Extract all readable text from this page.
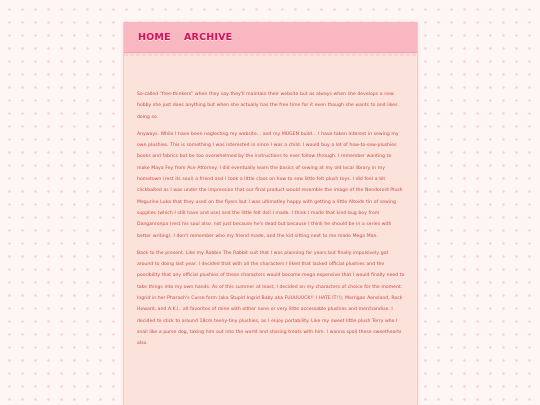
HOME ARCHIVE

So-called "free-thinkers" when they say they'll maintain their website but as always when she develops a new hobby she just does anything but when she actually has the free time for it even though she wants to and likes doing so.

Anyways. While I have been neglecting my website... and my MUGEN build... I have taken interest in sewing my own plushies. This is something I was interested in since I was a child. I would buy a lot of how-to-sew-plushies books and fabrics but be too overwhelmed by the instructions to ever follow through. I remember wanting to make Maya Fey from Ace Attorney. I did eventually learn the basics of sewing at my old local library in my hometown (rest its soul) a friend and I took a little class on how to sew little felt plush toys. I did feel a bit clickbaited as I was under the impression that our final product would resemble the image of the Nendoroid Plush Megurine Luka that they used on the flyers but I was ultimatley happy with getting a little Altoids tin of sewing supplies (which I still have and use) and the little felt doll I made. I think I made that kind bug boy from Danganronpa (rest his soul also. not just because he's dead but because I think he should be in a series with better writing). I don't remember who my friend made, and the kid sitting next to me made Mega Man.

Back to the present. Like my Robbie The Rabbit suit that I was planning for years but finally impulsively got around to doing last year. I decided that with all the characters I liked that lacked official plushies and the possibility that any official plushies of these characters would become mega expensive that I would finally need to take things into my own hands. As of this summer at least, I decided on my characters of choice for the moment: Ingrid in her Pharaoh's Curse form (aka Stupid Ingrid Baby aka FUUUUUCK!! I HATE IT!!), Morrigan Aensland, Rock Howard, and A.K.I.. all favorites of mine with either none or very little accessable plushies and merchandise. I decided to stick to around 18cm teeny-tiny plushies, as I enjoy portability. Like my sweet little plush Terry who I snail like a purse dog, taking him out into the world and sharing treats with him. I wanna spoil these sweethearts also.
